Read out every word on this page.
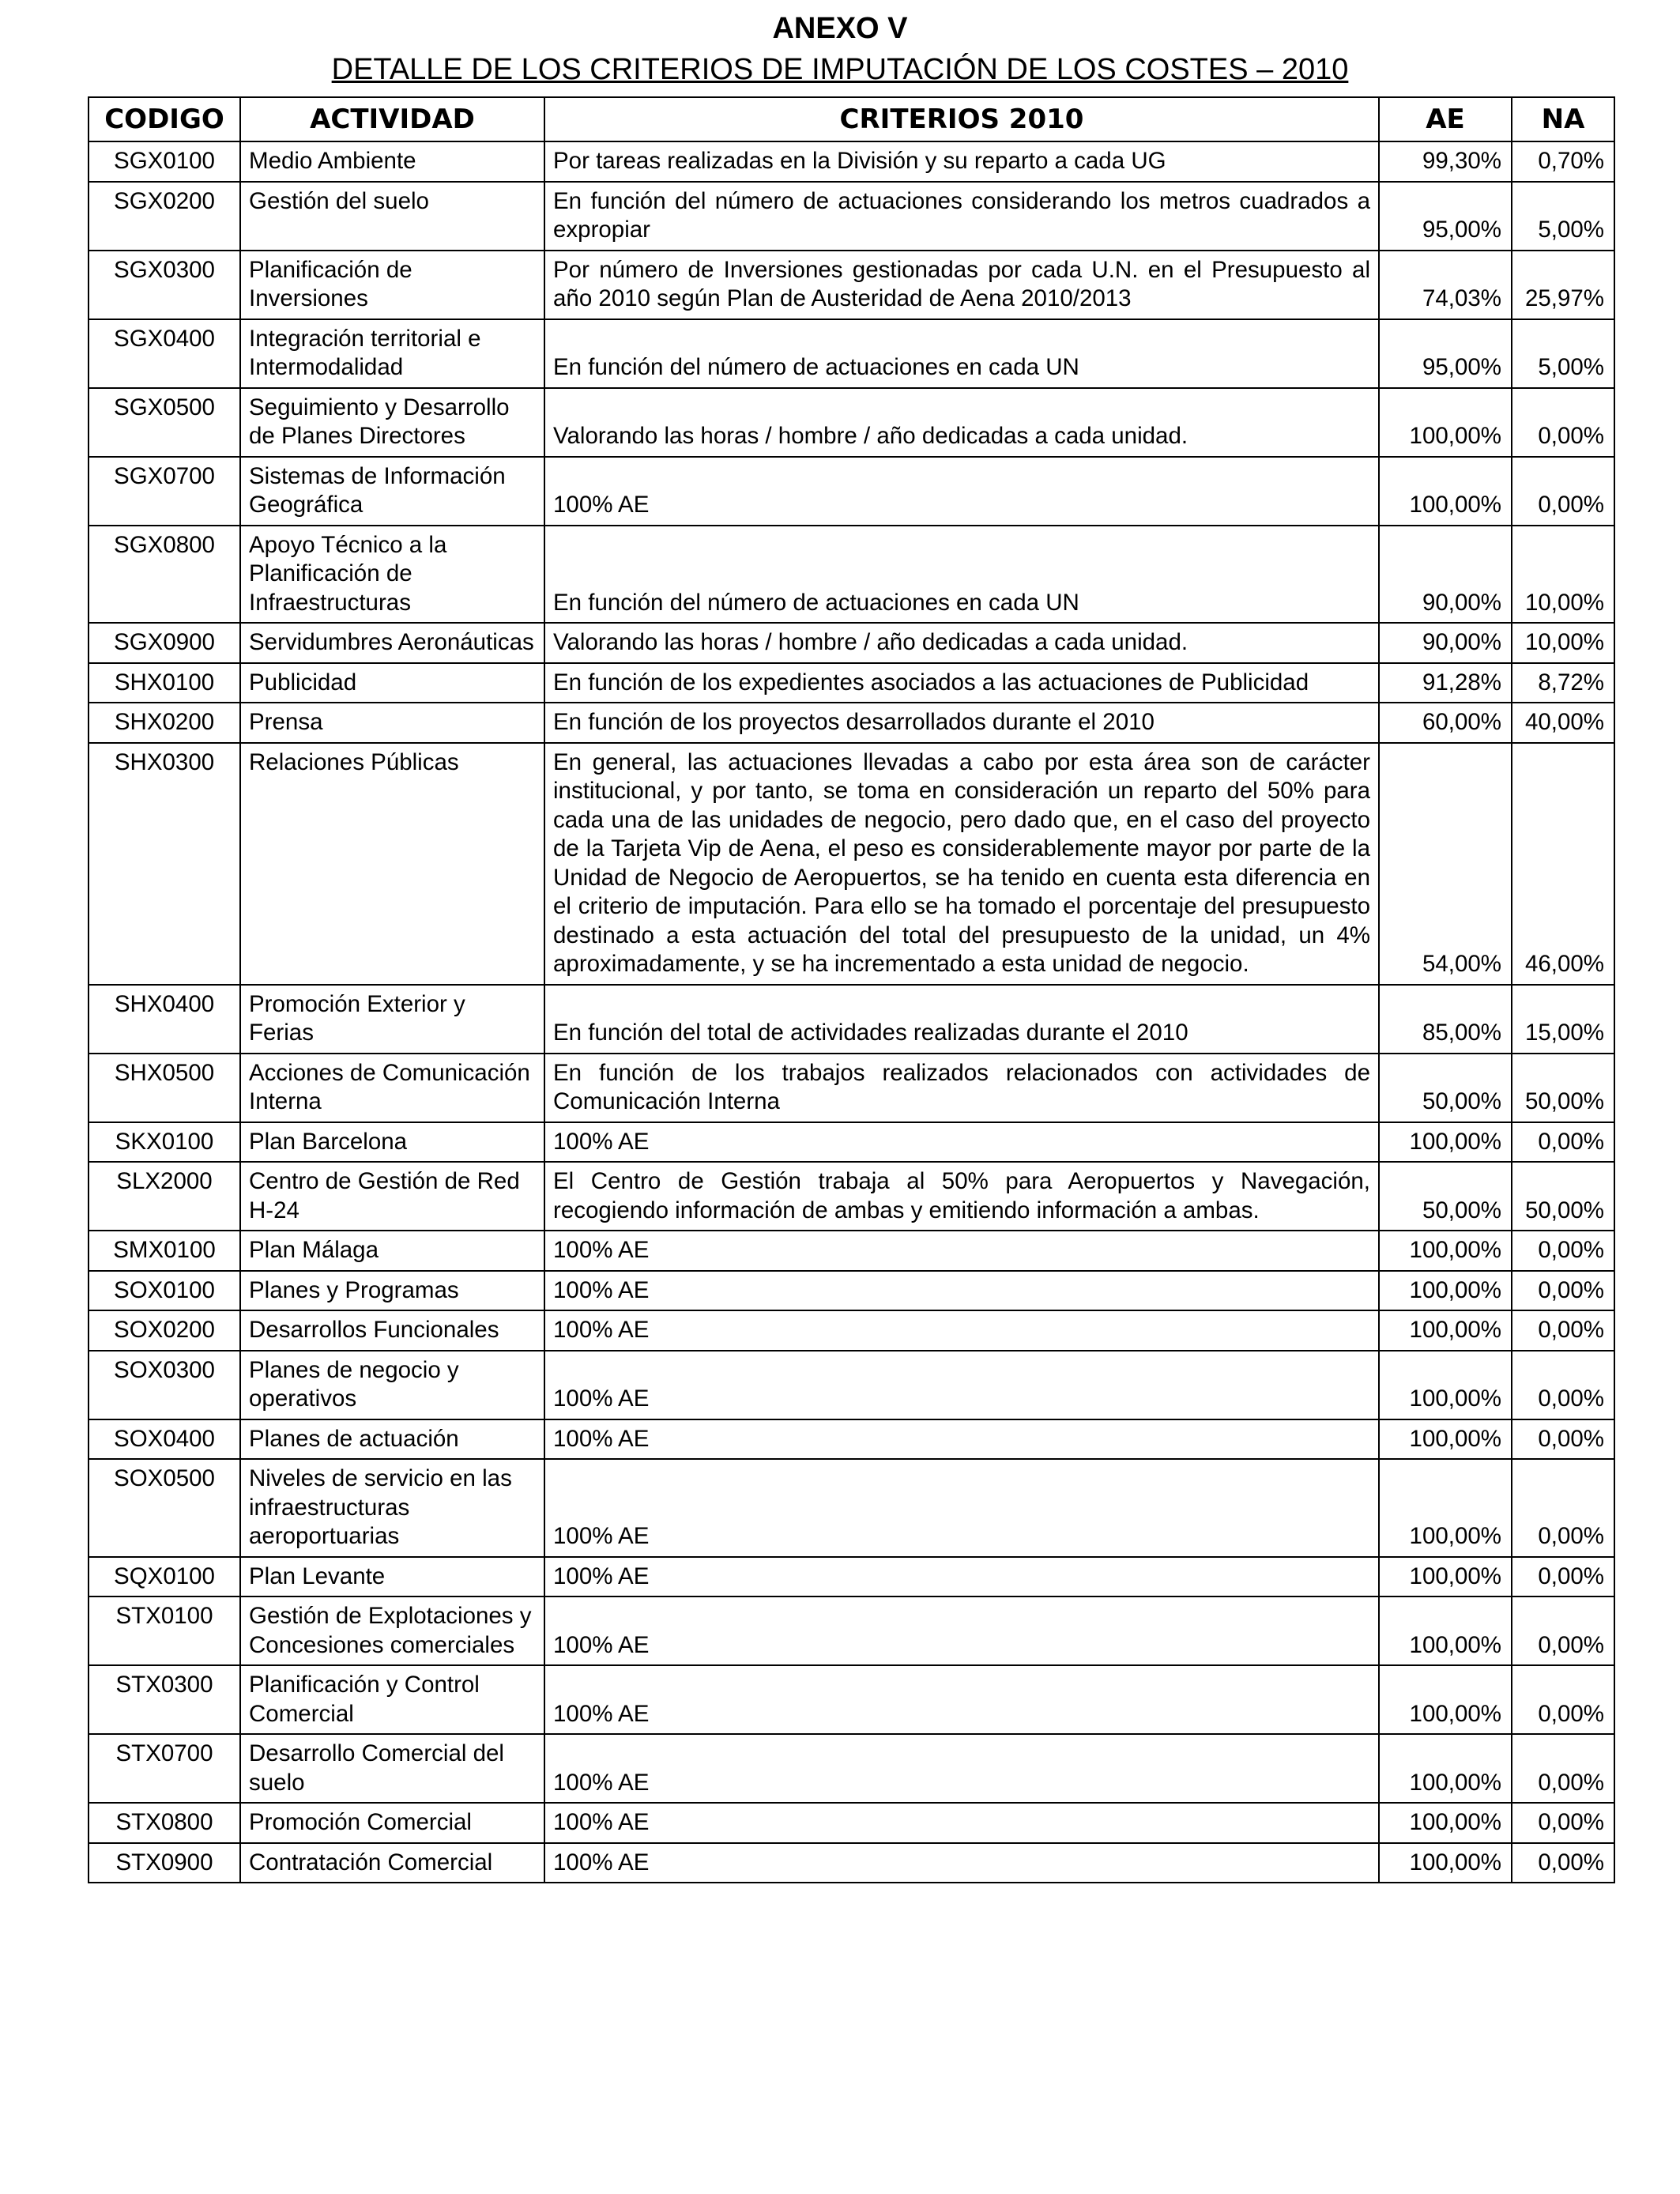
ANEXO V
DETALLE DE LOS CRITERIOS DE IMPUTACIÓN DE LOS COSTES – 2010
CODIGO	ACTIVIDAD	CRITERIOS 2010	AE	NA
SGX0100	Medio Ambiente	Por tareas realizadas en la División y su reparto a cada UG	99,30%	0,70%
SGX0200	Gestión del suelo	En función del número de actuaciones considerando los metros cuadrados a expropiar	95,00%	5,00%
SGX0300	Planificación de Inversiones	Por número de Inversiones gestionadas por cada U.N. en el Presupuesto al año 2010 según Plan de Austeridad de Aena 2010/2013	74,03%	25,97%
SGX0400	Integración territorial e Intermodalidad	En función del número de actuaciones en cada UN	95,00%	5,00%
SGX0500	Seguimiento y Desarrollo de Planes Directores	Valorando las horas / hombre / año dedicadas a cada unidad.	100,00%	0,00%
SGX0700	Sistemas de Información Geográfica	100% AE	100,00%	0,00%
SGX0800	Apoyo Técnico a la Planificación de Infraestructuras	En función del número de actuaciones en cada UN	90,00%	10,00%
SGX0900	Servidumbres Aeronáuticas	Valorando las horas / hombre / año dedicadas a cada unidad.	90,00%	10,00%
SHX0100	Publicidad	En función de los expedientes asociados a las actuaciones de Publicidad	91,28%	8,72%
SHX0200	Prensa	En función de los proyectos desarrollados durante el 2010	60,00%	40,00%
SHX0300	Relaciones Públicas	En general, las actuaciones llevadas a cabo por esta área son de carácter institucional, y por tanto, se toma en consideración un reparto del 50% para cada una de las unidades de negocio, pero dado que, en el caso del proyecto de la Tarjeta Vip de Aena, el peso es considerablemente mayor por parte de la Unidad de Negocio de Aeropuertos, se ha tenido en cuenta esta diferencia en el criterio de imputación. Para ello se ha tomado el porcentaje del presupuesto destinado a esta actuación del total del presupuesto de la unidad, un 4% aproximadamente, y se ha incrementado a esta unidad de negocio.	54,00%	46,00%
SHX0400	Promoción Exterior y Ferias	En función del total de actividades realizadas durante el 2010	85,00%	15,00%
SHX0500	Acciones de Comunicación Interna	En función de los trabajos realizados relacionados con actividades de Comunicación Interna	50,00%	50,00%
SKX0100	Plan Barcelona	100% AE	100,00%	0,00%
SLX2000	Centro de Gestión de Red H-24	El Centro de Gestión trabaja al 50% para Aeropuertos y Navegación, recogiendo información de ambas y emitiendo información a ambas.	50,00%	50,00%
SMX0100	Plan Málaga	100% AE	100,00%	0,00%
SOX0100	Planes y Programas	100% AE	100,00%	0,00%
SOX0200	Desarrollos Funcionales	100% AE	100,00%	0,00%
SOX0300	Planes de negocio y operativos	100% AE	100,00%	0,00%
SOX0400	Planes de actuación	100% AE	100,00%	0,00%
SOX0500	Niveles de servicio en las infraestructuras aeroportuarias	100% AE	100,00%	0,00%
SQX0100	Plan Levante	100% AE	100,00%	0,00%
STX0100	Gestión de Explotaciones y Concesiones comerciales	100% AE	100,00%	0,00%
STX0300	Planificación y Control Comercial	100% AE	100,00%	0,00%
STX0700	Desarrollo Comercial del suelo	100% AE	100,00%	0,00%
STX0800	Promoción Comercial	100% AE	100,00%	0,00%
STX0900	Contratación Comercial	100% AE	100,00%	0,00%
